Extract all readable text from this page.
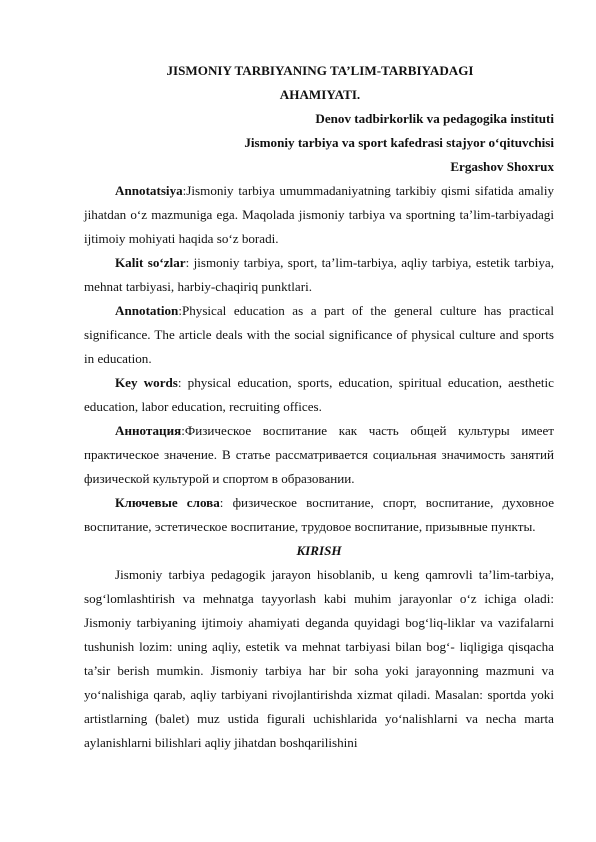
JISMONIY TARBIYANING TA’LIM-TARBIYADAGI

AHAMIYATI.

Denov tadbirkorlik va pedagogika instituti

Jismoniy tarbiya va sport kafedrasi stajyor o‘qituvchisi

Ergashov Shoxrux

Annotatsiya:Jismoniy tarbiya umummadaniyatning tarkibiy qismi sifatida amaliy jihatdan o‘z mazmuniga ega. Maqolada jismoniy tarbiya va sportning ta’lim-tarbiyadagi ijtimoiy mohiyati haqida so‘z boradi.

Kalit so‘zlar: jismoniy tarbiya, sport, ta’lim-tarbiya, aqliy tarbiya, estetik tarbiya, mehnat tarbiyasi, harbiy-chaqiriq punktlari.

Annotation:Physical education as a part of the general culture has practical significance. The article deals with the social significance of physical culture and sports in education.

Key words: physical education, sports, education, spiritual education, aesthetic education, labor education, recruiting offices.

Аннотация:Физическое воспитание как часть общей культуры имеет практическое значение. В статье рассматривается социальная значимость занятий физической культурой и спортом в образовании.

Ключевые слова: физическое воспитание, спорт, воспитание, духовное воспитание, эстетическое воспитание, трудовое воспитание, призывные пункты.

KIRISH

Jismoniy tarbiya pedagogik jarayon hisoblanib, u keng qamrovli ta’lim-tarbiya, sog‘lomlashtirish va mehnatga tayyorlash kabi muhim jarayonlar o‘z ichiga oladi: Jismoniy tarbiyaning ijtimoiy ahamiyati deganda quyidagi bog‘liq-liklar va vazifalarni tushunish lozim: uning aqliy, estetik va mehnat tarbiyasi bilan bog‘- liqligiga qisqacha ta’sir berish mumkin. Jismoniy tarbiya har bir soha yoki jarayonning mazmuni va yo‘nalishiga qarab, aqliy tarbiyani rivojlantirishda xizmat qiladi. Masalan: sportda yoki artistlarning (balet) muz ustida figurali uchishlarida yo‘nalishlarni va necha marta aylanishlarni bilishlari aqliy jihatdan boshqarilishini
